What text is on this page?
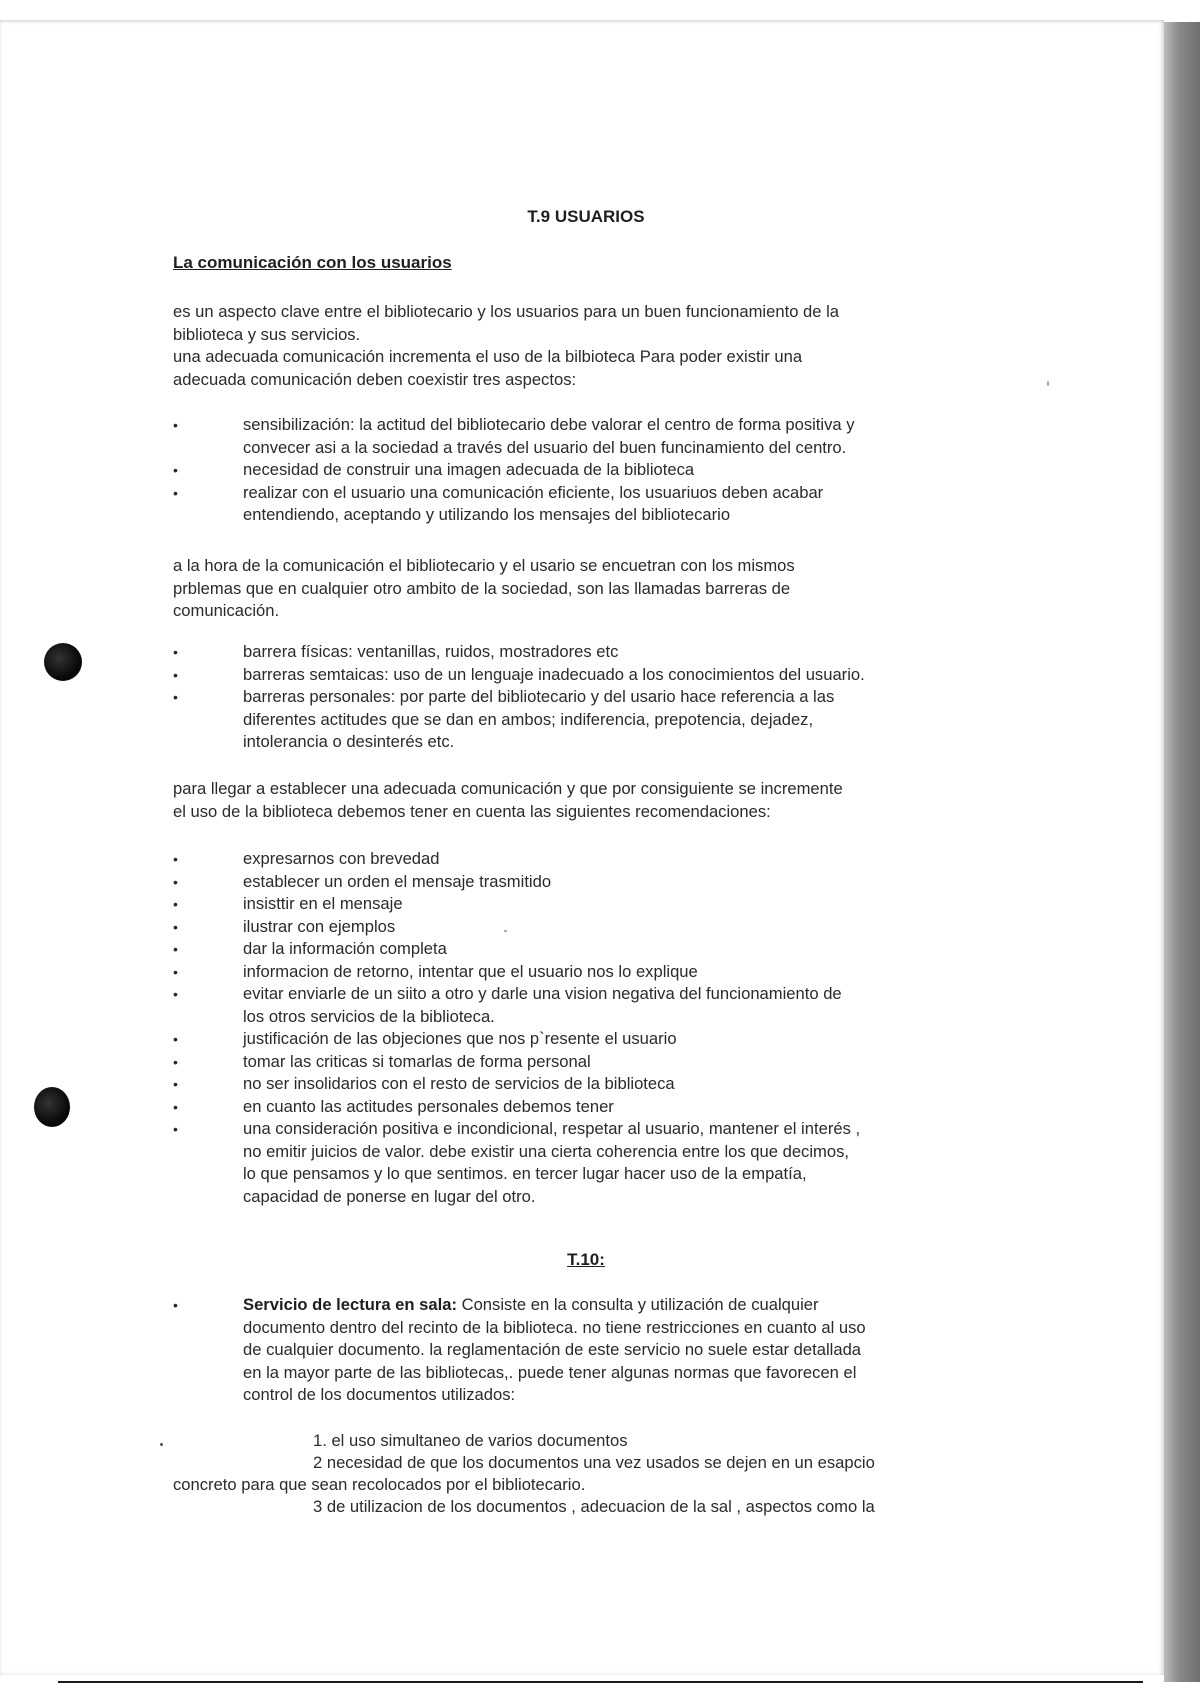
T.9 USUARIOS
La comunicación con los usuarios

es un aspecto clave entre el bibliotecario y los usuarios para un buen funcionamiento de la
biblioteca y sus servicios.
una adecuada comunicación incrementa el uso de la bilbioteca Para poder existir una
adecuada comunicación deben coexistir tres aspectos:

•	sensibilización: la actitud del bibliotecario debe valorar el centro de forma positiva y
convecer asi a la sociedad a través del usuario del buen funcinamiento del centro.
•	necesidad de construir una imagen adecuada de la biblioteca
•	realizar con el usuario una comunicación eficiente, los usuariuos deben acabar
entendiendo, aceptando y utilizando los mensajes del bibliotecario

a la hora de la comunicación el bibliotecario y el usario se encuetran con los mismos
prblemas que en cualquier otro ambito de la sociedad, son las llamadas barreras de
comunicación.

•	barrera físicas: ventanillas, ruidos, mostradores etc
•	barreras semtaicas: uso de un lenguaje inadecuado a los conocimientos del usuario.
•	barreras personales: por parte del bibliotecario y del usario hace referencia a las
diferentes actitudes que se dan en ambos; indiferencia, prepotencia, dejadez,
intolerancia o desinterés etc.

para llegar a establecer una adecuada comunicación y que por consiguiente se incremente
el uso de la biblioteca debemos tener en cuenta las siguientes recomendaciones:

•	expresarnos con brevedad
•	establecer un orden el mensaje trasmitido
•	insisttir en el mensaje
•	ilustrar con ejemplos
•	dar la información completa
•	informacion de retorno, intentar que el usuario nos lo explique
•	evitar enviarle de un siito a otro y darle una vision negativa del funcionamiento de
los otros servicios de la biblioteca.
•	justificación de las objeciones que nos p`resente el usuario
•	tomar las criticas si tomarlas de forma personal
•	no ser insolidarios con el resto de servicios de la biblioteca
•	en cuanto las actitudes personales debemos tener
•	una consideración positiva e incondicional, respetar al usuario, mantener el interés ,
no emitir juicios de valor. debe existir una cierta coherencia entre los que decimos,
lo que pensamos y lo que sentimos. en tercer lugar hacer uso de la empatía,
capacidad de ponerse en lugar del otro.
T.10:
•	Servicio de lectura en sala: Consiste en la consulta y utilización de cualquier
documento dentro del recinto de la biblioteca. no tiene restricciones en cuanto al uso
de cualquier documento. la reglamentación de este servicio no suele estar detallada
en la mayor parte de las bibliotecas,. puede tener algunas normas que favorecen el
control de los documentos utilizados:
1. el uso simultaneo de varios documentos
2 necesidad de que los documentos una vez usados se dejen en un esapcio
concreto para que sean recolocados por el bibliotecario.
3 de utilizacion de los documentos , adecuacion de la sal , aspectos como la
